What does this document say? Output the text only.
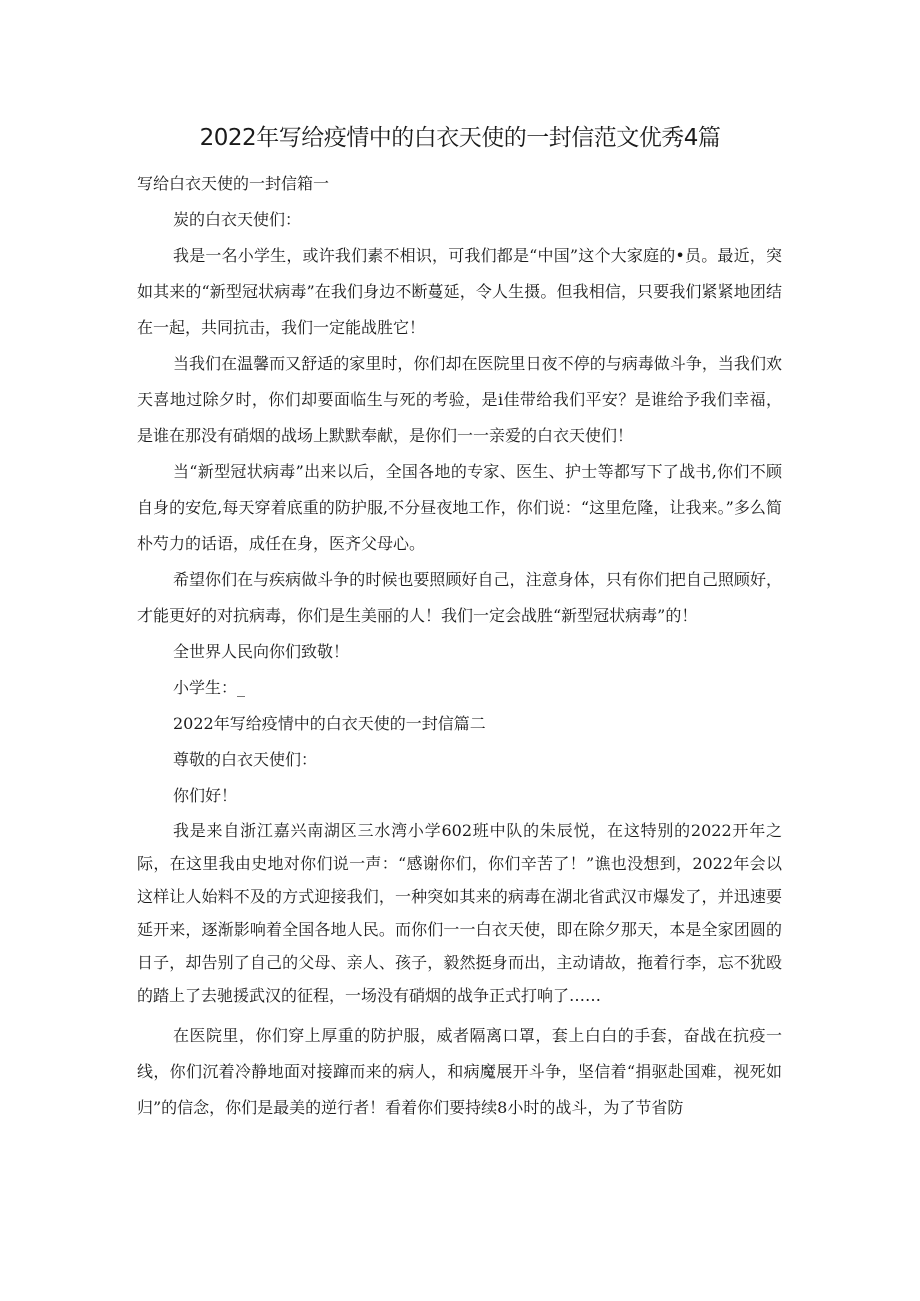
2022年写给疫情中的白衣天使的一封信范文优秀4篇

写给白衣天使的一封信箱一

炭的白衣天使们：

我是一名小学生，或许我们素不相识，可我们都是“中国”这个大家庭的•员。最近，突如其来的“新型冠状病毒”在我们身边不断蔓延，令人生摄。但我相信，只要我们紧紧地团结在一起，共同抗击，我们一定能战胜它！

当我们在温馨而又舒适的家里时，你们却在医院里日夜不停的与病毒做斗争，当我们欢天喜地过除夕时，你们却要面临生与死的考验，是i佳带给我们平安？是谁给予我们幸福，是谁在那没有硝烟的战场上默默奉献，是你们一一亲爱的白衣天使们！

当“新型冠状病毒”出来以后，全国各地的专家、医生、护士等都写下了战书,你们不顾自身的安危,每天穿着底重的防护服,不分昼夜地工作，你们说：“这里危隆，让我来。”多么简朴芍力的话语，成任在身，医齐父母心。

希望你们在与疾病做斗争的时候也要照顾好自己，注意身体，只有你们把自己照顾好，才能更好的对抗病毒，你们是生美丽的人！我们一定会战胜“新型冠状病毒”的！

全世界人民向你们致敬！

小学生：_

2022年写给疫情中的白衣天使的一封信篇二

尊敬的白衣天使们：

你们好！

我是来自浙江嘉兴南湖区三水湾小学602班中队的朱辰悦，在这特别的2022开年之际，在这里我由史地对你们说一声：“感谢你们，你们辛苦了！”谯也没想到，2022年会以这样让人始料不及的方式迎接我们，一种突如其来的病毒在湖北省武汉市爆发了，并迅速要延开来，逐渐影响着全国各地人民。而你们一一白衣天使，即在除夕那天，本是全家团圆的日子，却告别了自己的父母、亲人、孩子，毅然挺身而出，主动请故，拖着行李，忘不犹殴的踏上了去驰援武汉的征程，一场没有硝烟的战争正式打响了……

在医院里，你们穿上厚重的防护服，威者隔离口罩，套上白白的手套，奋战在抗疫一线，你们沉着冷静地面对接蹿而来的病人，和病魔展开斗争，坚信着“捐驱赴国难，视死如归”的信念，你们是最美的逆行者！看着你们要持续8小时的战斗，为了节省防
